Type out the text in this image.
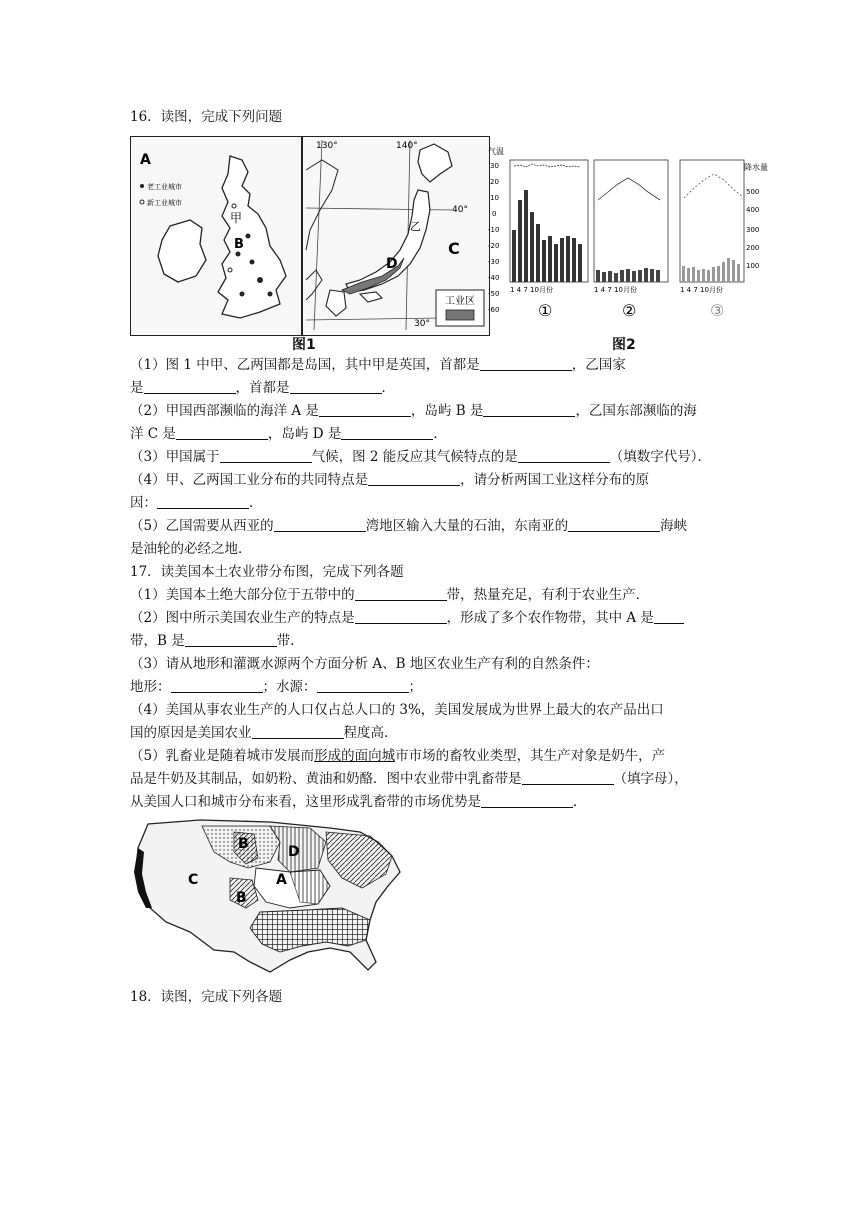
16．读图，完成下列问题
A
老工业城市
新工业城市
甲
B
130°	140°
40°
30°
乙
C
D
工业区
图1
气温
降水量
30
20
10
0
-10
-20
-30
-40
-50
-60
1 4 7 10月份
①
1 4 7 10月份
②
1 4 7 10月份
③
500
400
300
200
100
图2
（1）图 1 中甲、乙两国都是岛国，其中甲是英国，首都是	，乙国家
是	，首都是	．
（2）甲国西部濒临的海洋 A 是	，岛屿 B 是	，乙国东部濒临的海
洋 C 是	，岛屿 D 是	．
（3）甲国属于	气候，图 2 能反应其气候特点的是	（填数字代号）．
（4）甲、乙两国工业分布的共同特点是	，请分析两国工业这样分布的原
因：	．
（5）乙国需要从西亚的	湾地区输入大量的石油，东南亚的	海峡
是油轮的必经之地．
17．读美国本土农业带分布图，完成下列各题
（1）美国本土绝大部分位于五带中的	带，热量充足，有利于农业生产．
（2）图中所示美国农业生产的特点是	，形成了多个农作物带，其中 A 是
带，B 是	带．
（3）请从地形和灌溉水源两个方面分析 A、B 地区农业生产有利的自然条件：
地形：	；水源：	；
（4）美国从事农业生产的人口仅占总人口的 3%，美国发展成为世界上最大的农产品出口
国的原因是美国农业	程度高．
（5）乳畜业是随着城市发展而形成的面向城市市场的畜牧业类型，其生产对象是奶牛，产
品是牛奶及其制品，如奶粉、黄油和奶酪．图中农业带中乳畜带是	（填字母），
从美国人口和城市分布来看，这里形成乳畜带的市场优势是	．
B	D
C	A
B
18．读图，完成下列各题
